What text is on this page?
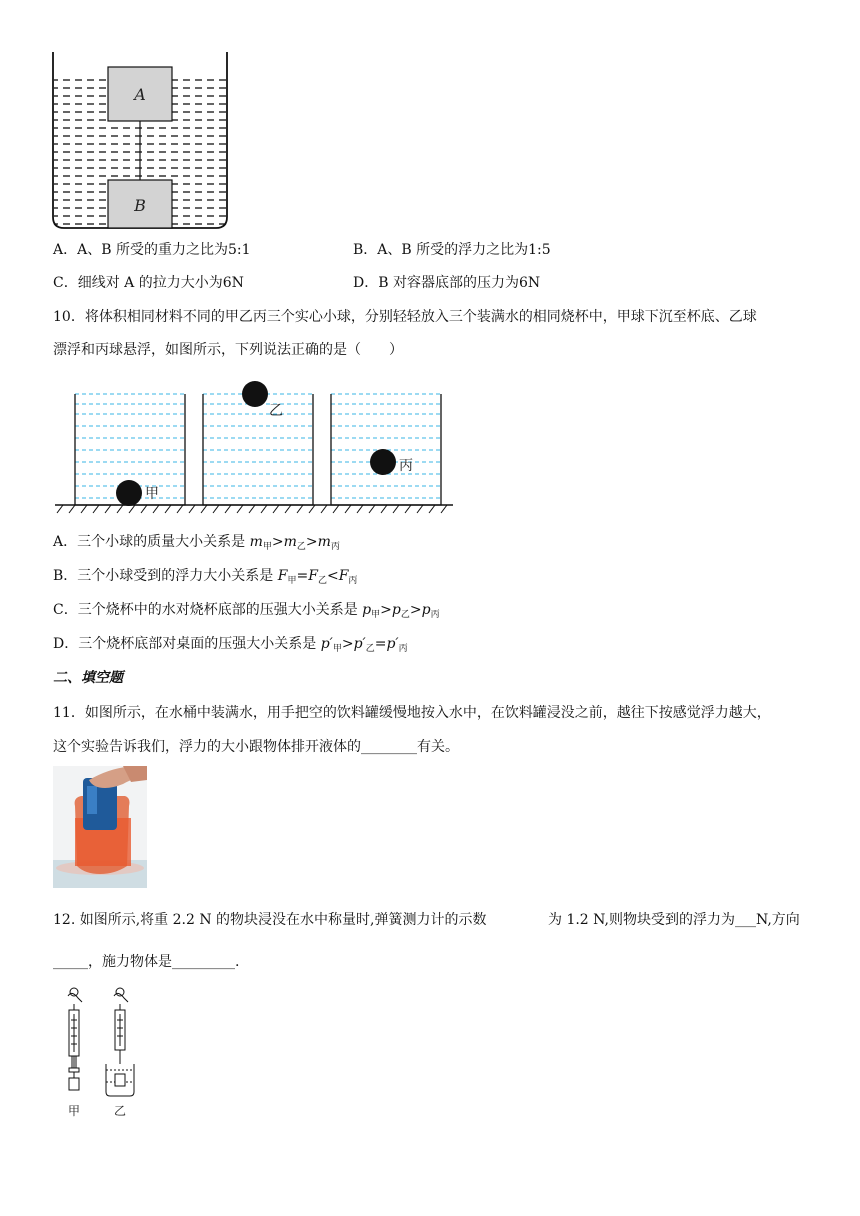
A
B
A．A、B 所受的重力之比为5:1	B．A、B 所受的浮力之比为1:5
C．细线对 A 的拉力大小为6N	D．B 对容器底部的压力为6N
10．将体积相同材料不同的甲乙丙三个实心小球，分别轻轻放入三个装满水的相同烧杯中，甲球下沉至杯底、乙球
漂浮和丙球悬浮，如图所示，下列说法正确的是（　　）
甲
乙
丙
A．三个小球的质量大小关系是 $m_甲>m_乙>m_丙$
B．三个小球受到的浮力大小关系是 $F_甲=F_乙<F_丙$
C．三个烧杯中的水对烧杯底部的压强大小关系是 $p_甲>p_乙>p_丙$
D．三个烧杯底部对桌面的压强大小关系是 $p'_甲>p'_乙=p'_丙$
二、填空题
11．如图所示，在水桶中装满水，用手把空的饮料罐缓慢地按入水中，在饮料罐浸没之前，越往下按感觉浮力越大，
这个实验告诉我们，浮力的大小跟物体排开液体的________有关。
12. 如图所示,将重 2.2 N 的物块浸没在水中称量时,弹簧测力计的示数	为 1.2 N,则物块受到的浮力为___N,方向
_____，施力物体是_________.
甲	乙
